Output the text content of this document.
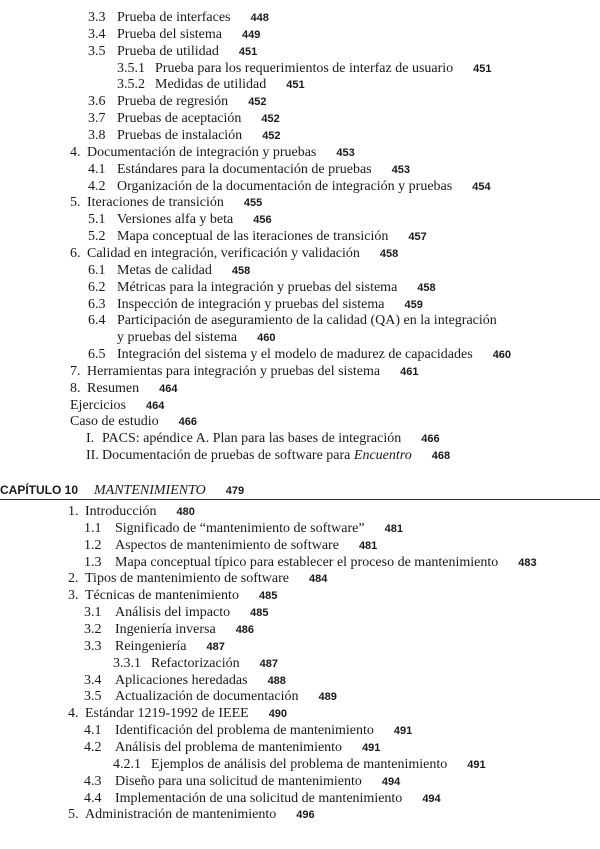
3.3 Prueba de interfaces 448
3.4 Prueba del sistema 449
3.5 Prueba de utilidad 451
3.5.1 Prueba para los requerimientos de interfaz de usuario 451
3.5.2 Medidas de utilidad 451
3.6 Prueba de regresión 452
3.7 Pruebas de aceptación 452
3.8 Pruebas de instalación 452
4. Documentación de integración y pruebas 453
4.1 Estándares para la documentación de pruebas 453
4.2 Organización de la documentación de integración y pruebas 454
5. Iteraciones de transición 455
5.1 Versiones alfa y beta 456
5.2 Mapa conceptual de las iteraciones de transición 457
6. Calidad en integración, verificación y validación 458
6.1 Metas de calidad 458
6.2 Métricas para la integración y pruebas del sistema 458
6.3 Inspección de integración y pruebas del sistema 459
6.4 Participación de aseguramiento de la calidad (QA) en la integración
y pruebas del sistema 460
6.5 Integración del sistema y el modelo de madurez de capacidades 460
7. Herramientas para integración y pruebas del sistema 461
8. Resumen 464
Ejercicios 464
Caso de estudio 466
I. PACS: apéndice A. Plan para las bases de integración 466
II. Documentación de pruebas de software para Encuentro 468
CAPÍTULO 10	MANTENIMIENTO 479
1. Introducción 480
1.1 Significado de “mantenimiento de software” 481
1.2 Aspectos de mantenimiento de software 481
1.3 Mapa conceptual típico para establecer el proceso de mantenimiento 483
2. Tipos de mantenimiento de software 484
3. Técnicas de mantenimiento 485
3.1 Análisis del impacto 485
3.2 Ingeniería inversa 486
3.3 Reingeniería 487
3.3.1 Refactorización 487
3.4 Aplicaciones heredadas 488
3.5 Actualización de documentación 489
4. Estándar 1219-1992 de IEEE 490
4.1 Identificación del problema de mantenimiento 491
4.2 Análisis del problema de mantenimiento 491
4.2.1 Ejemplos de análisis del problema de mantenimiento 491
4.3 Diseño para una solicitud de mantenimiento 494
4.4 Implementación de una solicitud de mantenimiento 494
5. Administración de mantenimiento 496
